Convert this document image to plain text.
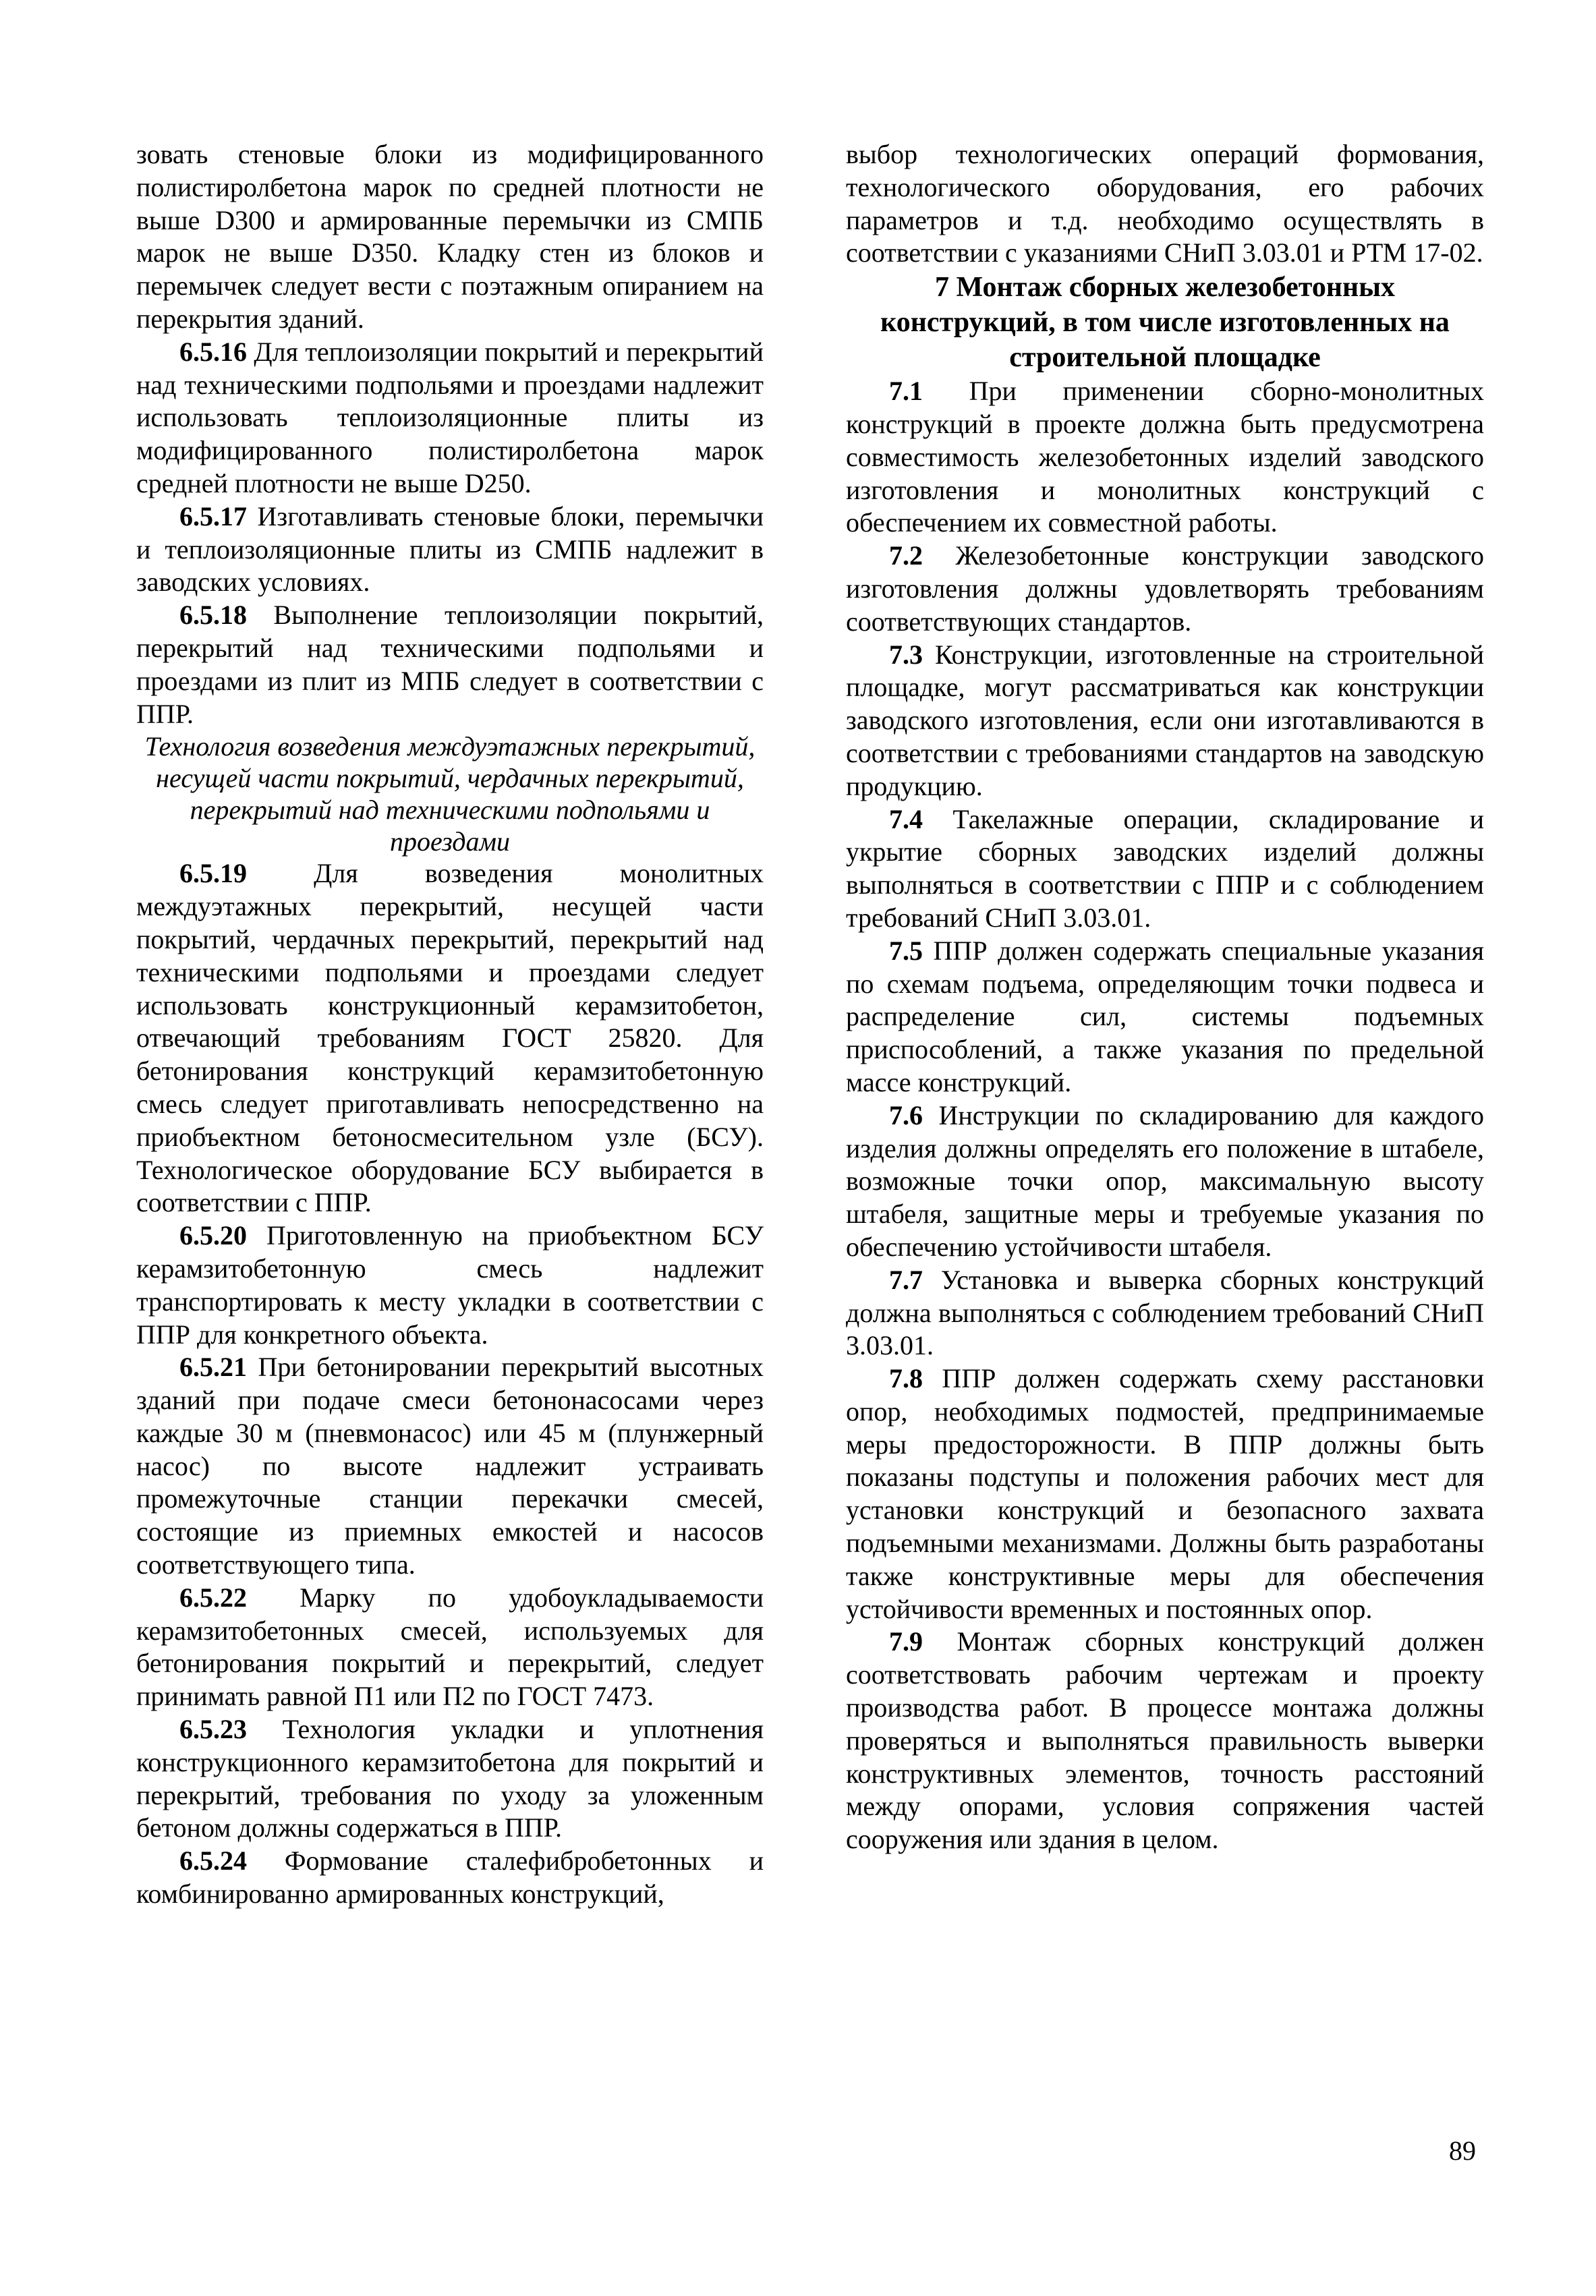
зовать стеновые блоки из модифицированного полистиролбетона марок по средней плотности не выше D300 и армированные перемычки из СМПБ марок не выше D350. Кладку стен из блоков и перемычек следует вести с поэтажным опиранием на перекрытия зданий.

6.5.16 Для теплоизоляции покрытий и перекрытий над техническими подпольями и проездами надлежит использовать теплоизоляционные плиты из модифицированного полистиролбетона марок средней плотности не выше D250.

6.5.17 Изготавливать стеновые блоки, перемычки и теплоизоляционные плиты из СМПБ надлежит в заводских условиях.

6.5.18 Выполнение теплоизоляции покрытий, перекрытий над техническими подпольями и проездами из плит из МПБ следует в соответствии с ППР.

Технология возведения междуэтажных перекрытий, несущей части покрытий, чердачных перекрытий, перекрытий над техническими подпольями и проездами

6.5.19 Для возведения монолитных междуэтажных перекрытий, несущей части покрытий, чердачных перекрытий, перекрытий над техническими подпольями и проездами следует использовать конструкционный керамзитобетон, отвечающий требованиям ГОСТ 25820. Для бетонирования конструкций керамзитобетонную смесь следует приготавливать непосредственно на приобъектном бетоносмесительном узле (БСУ). Технологическое оборудование БСУ выбирается в соответствии с ППР.

6.5.20 Приготовленную на приобъектном БСУ керамзитобетонную смесь надлежит транспортировать к месту укладки в соответствии с ППР для конкретного объекта.

6.5.21 При бетонировании перекрытий высотных зданий при подаче смеси бетононасосами через каждые 30 м (пневмонасос) или 45 м (плунжерный насос) по высоте надлежит устраивать промежуточные станции перекачки смесей, состоящие из приемных емкостей и насосов соответствующего типа.

6.5.22 Марку по удобоукладываемости керамзитобетонных смесей, используемых для бетонирования покрытий и перекрытий, следует принимать равной П1 или П2 по ГОСТ 7473.

6.5.23 Технология укладки и уплотнения конструкционного керамзитобетона для покрытий и перекрытий, требования по уходу за уложенным бетоном должны содержаться в ППР.

6.5.24 Формование сталефибробетонных и комбинированно армированных конструкций,

выбор технологических операций формования, технологического оборудования, его рабочих параметров и т.д. необходимо осуществлять в соответствии с указаниями СНиП 3.03.01 и РТМ 17-02.

7 Монтаж сборных железобетонных конструкций, в том числе изготовленных на строительной площадке

7.1 При применении сборно-монолитных конструкций в проекте должна быть предусмотрена совместимость железобетонных изделий заводского изготовления и монолитных конструкций с обеспечением их совместной работы.

7.2 Железобетонные конструкции заводского изготовления должны удовлетворять требованиям соответствующих стандартов.

7.3 Конструкции, изготовленные на строительной площадке, могут рассматриваться как конструкции заводского изготовления, если они изготавливаются в соответствии с требованиями стандартов на заводскую продукцию.

7.4 Такелажные операции, складирование и укрытие сборных заводских изделий должны выполняться в соответствии с ППР и с соблюдением требований СНиП 3.03.01.

7.5 ППР должен содержать специальные указания по схемам подъема, определяющим точки подвеса и распределение сил, системы подъемных приспособлений, а также указания по предельной массе конструкций.

7.6 Инструкции по складированию для каждого изделия должны определять его положение в штабеле, возможные точки опор, максимальную высоту штабеля, защитные меры и требуемые указания по обеспечению устойчивости штабеля.

7.7 Установка и выверка сборных конструкций должна выполняться с соблюдением требований СНиП 3.03.01.

7.8 ППР должен содержать схему расстановки опор, необходимых подмостей, предпринимаемые меры предосторожности. В ППР должны быть показаны подступы и положения рабочих мест для установки конструкций и безопасного захвата подъемными механизмами. Должны быть разработаны также конструктивные меры для обеспечения устойчивости временных и постоянных опор.

7.9 Монтаж сборных конструкций должен соответствовать рабочим чертежам и проекту производства работ. В процессе монтажа должны проверяться и выполняться правильность выверки конструктивных элементов, точность расстояний между опорами, условия сопряжения частей сооружения или здания в целом.

89
